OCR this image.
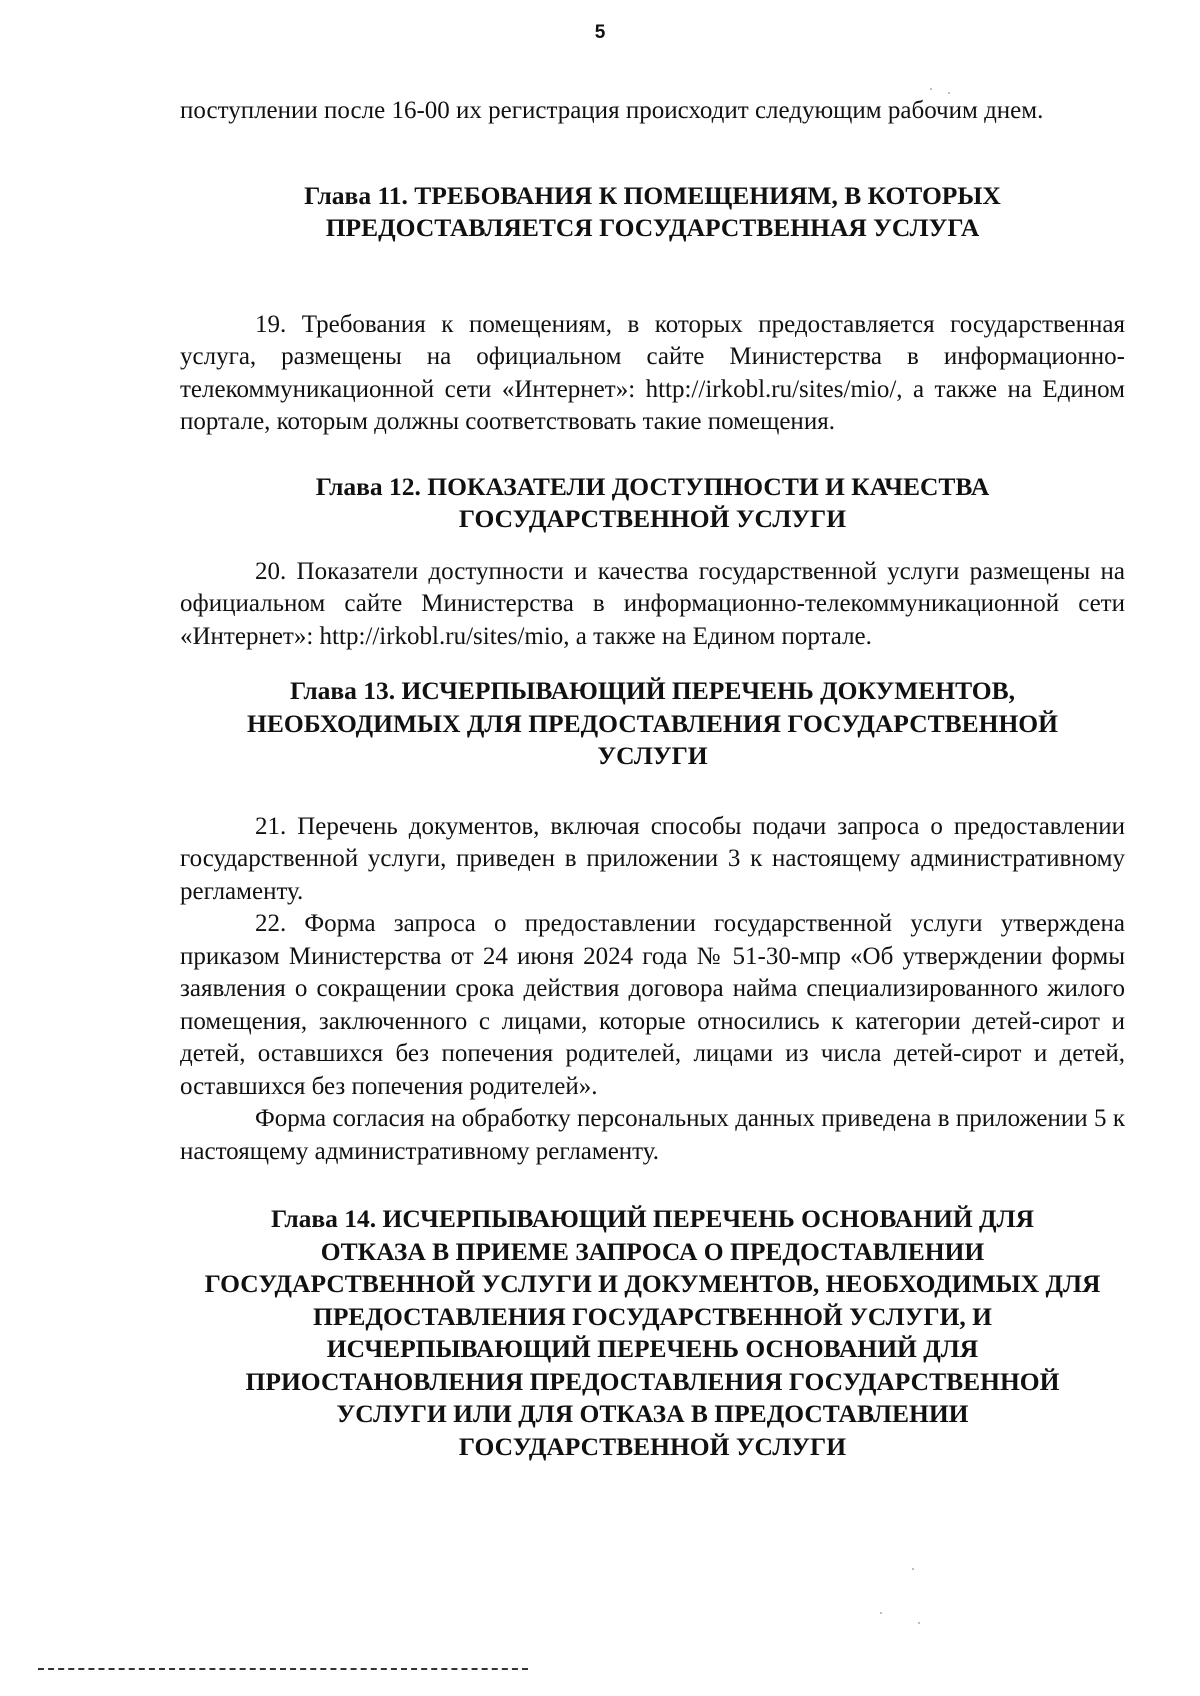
5

поступлении после 16-00 их регистрация происходит следующим рабочим днем.

Глава 11. ТРЕБОВАНИЯ К ПОМЕЩЕНИЯМ, В КОТОРЫХ
ПРЕДОСТАВЛЯЕТСЯ ГОСУДАРСТВЕННАЯ УСЛУГА

19. Требования к помещениям, в которых предоставляется государственная услуга, размещены на официальном сайте Министерства в информационно-телекоммуникационной сети «Интернет»: http://irkobl.ru/sites/mio/, а также на Едином портале, которым должны соответствовать такие помещения.

Глава 12. ПОКАЗАТЕЛИ ДОСТУПНОСТИ И КАЧЕСТВА
ГОСУДАРСТВЕННОЙ УСЛУГИ

20. Показатели доступности и качества государственной услуги размещены на официальном сайте Министерства в информационно-телекоммуникационной сети «Интернет»: http://irkobl.ru/sites/mio, а также на Едином портале.

Глава 13. ИСЧЕРПЫВАЮЩИЙ ПЕРЕЧЕНЬ ДОКУМЕНТОВ,
НЕОБХОДИМЫХ ДЛЯ ПРЕДОСТАВЛЕНИЯ ГОСУДАРСТВЕННОЙ
УСЛУГИ

21. Перечень документов, включая способы подачи запроса о предоставлении государственной услуги, приведен в приложении 3 к настоящему административному регламенту.

22. Форма запроса о предоставлении государственной услуги утверждена приказом Министерства от 24 июня 2024 года № 51-30-мпр «Об утверждении формы заявления о сокращении срока действия договора найма специализированного жилого помещения, заключенного с лицами, которые относились к категории детей-сирот и детей, оставшихся без попечения родителей, лицами из числа детей-сирот и детей, оставшихся без попечения родителей».

Форма согласия на обработку персональных данных приведена в приложении 5 к настоящему административному регламенту.

Глава 14. ИСЧЕРПЫВАЮЩИЙ ПЕРЕЧЕНЬ ОСНОВАНИЙ ДЛЯ
ОТКАЗА В ПРИЕМЕ ЗАПРОСА О ПРЕДОСТАВЛЕНИИ
ГОСУДАРСТВЕННОЙ УСЛУГИ И ДОКУМЕНТОВ, НЕОБХОДИМЫХ ДЛЯ
ПРЕДОСТАВЛЕНИЯ ГОСУДАРСТВЕННОЙ УСЛУГИ, И
ИСЧЕРПЫВАЮЩИЙ ПЕРЕЧЕНЬ ОСНОВАНИЙ ДЛЯ
ПРИОСТАНОВЛЕНИЯ ПРЕДОСТАВЛЕНИЯ ГОСУДАРСТВЕННОЙ
УСЛУГИ ИЛИ ДЛЯ ОТКАЗА В ПРЕДОСТАВЛЕНИИ
ГОСУДАРСТВЕННОЙ УСЛУГИ
